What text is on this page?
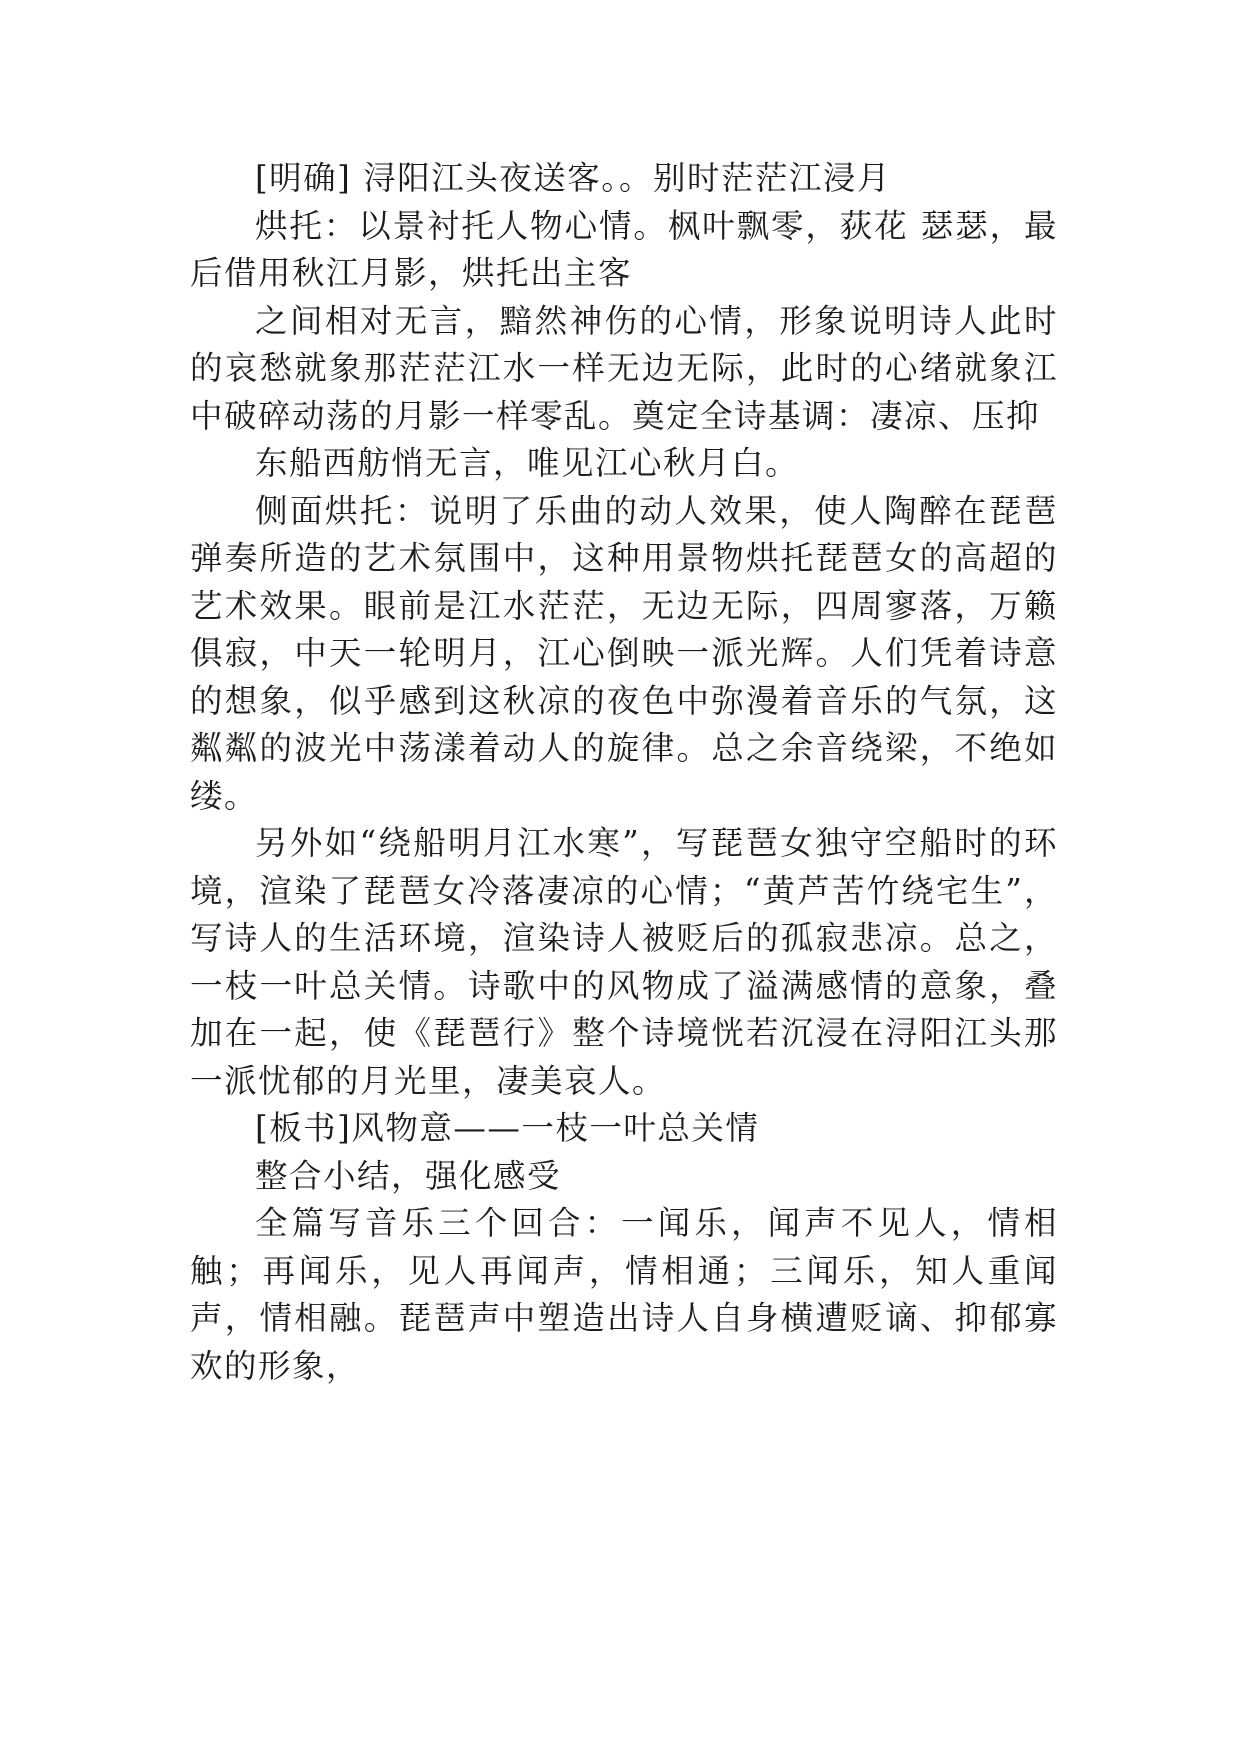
[明确] 浔阳江头夜送客。。别时茫茫江浸月

烘托：以景衬托人物心情。枫叶飘零，荻花 瑟瑟，最后借用秋江月影，烘托出主客

之间相对无言，黯然神伤的心情，形象说明诗人此时的哀愁就象那茫茫江水一样无边无际，此时的心绪就象江中破碎动荡的月影一样零乱。奠定全诗基调：凄凉、压抑

东船西舫悄无言，唯见江心秋月白。

侧面烘托：说明了乐曲的动人效果，使人陶醉在琵琶弹奏所造的艺术氛围中，这种用景物烘托琵琶女的高超的艺术效果。眼前是江水茫茫，无边无际，四周寥落，万籁俱寂，中天一轮明月，江心倒映一派光辉。人们凭着诗意的想象，似乎感到这秋凉的夜色中弥漫着音乐的气氛，这粼粼的波光中荡漾着动人的旋律。总之余音绕梁，不绝如缕。

另外如“绕船明月江水寒”，写琵琶女独守空船时的环境，渲染了琵琶女冷落凄凉的心情；“黄芦苦竹绕宅生”，写诗人的生活环境，渲染诗人被贬后的孤寂悲凉。总之，一枝一叶总关情。诗歌中的风物成了溢满感情的意象，叠加在一起，使《琵琶行》整个诗境恍若沉浸在浔阳江头那一派忧郁的月光里，凄美哀人。

[板书]风物意——一枝一叶总关情

整合小结，强化感受

全篇写音乐三个回合：一闻乐，闻声不见人，情相触；再闻乐，见人再闻声，情相通；三闻乐，知人重闻声，情相融。琵琶声中塑造出诗人自身横遭贬谪、抑郁寡欢的形象，
